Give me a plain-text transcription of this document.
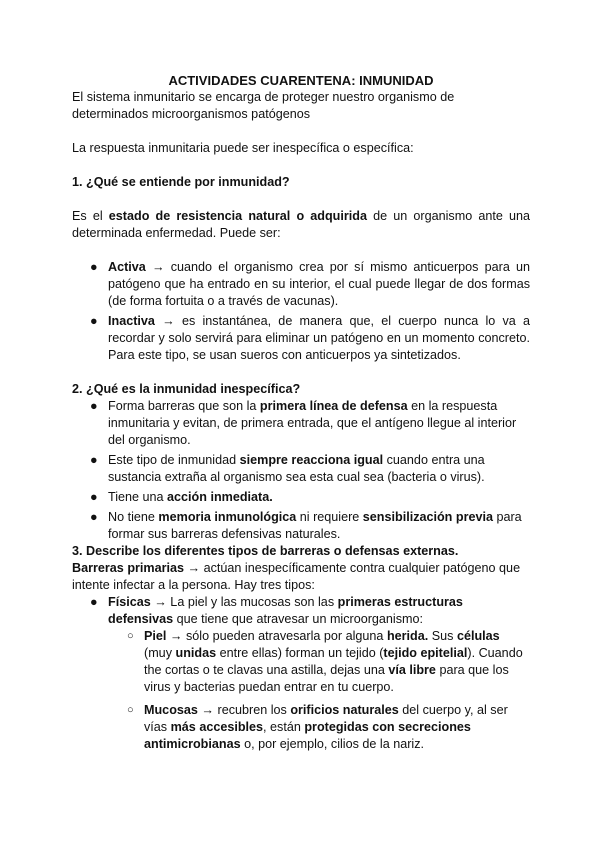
ACTIVIDADES CUARENTENA: INMUNIDAD

El sistema inmunitario se encarga de proteger nuestro organismo de determinados microorganismos patógenos

La respuesta inmunitaria puede ser inespecífica o específica:

1. ¿Qué se entiende por inmunidad?

Es el estado de resistencia natural o adquirida de un organismo ante una determinada enfermedad. Puede ser:

● Activa → cuando el organismo crea por sí mismo anticuerpos para un patógeno que ha entrado en su interior, el cual puede llegar de dos formas (de forma fortuita o a través de vacunas).
● Inactiva → es instantánea, de manera que, el cuerpo nunca lo va a recordar y solo servirá para eliminar un patógeno en un momento concreto. Para este tipo, se usan sueros con anticuerpos ya sintetizados.

2. ¿Qué es la inmunidad inespecífica?

● Forma barreras que son la primera línea de defensa en la respuesta inmunitaria y evitan, de primera entrada, que el antígeno llegue al interior del organismo.
● Este tipo de inmunidad siempre reacciona igual cuando entra una sustancia extraña al organismo sea esta cual sea (bacteria o virus).
● Tiene una acción inmediata.
● No tiene memoria inmunológica ni requiere sensibilización previa para formar sus barreras defensivas naturales.

3. Describe los diferentes tipos de barreras o defensas externas.

Barreras primarias → actúan inespecíficamente contra cualquier patógeno que intente infectar a la persona. Hay tres tipos:

● Físicas → La piel y las mucosas son las primeras estructuras defensivas que tiene que atravesar un microorganismo:
○ Piel → sólo pueden atravesarla por alguna herida. Sus células (muy unidas entre ellas) forman un tejido (tejido epitelial). Cuando the cortas o te clavas una astilla, dejas una vía libre para que los virus y bacterias puedan entrar en tu cuerpo.
○ Mucosas → recubren los orificios naturales del cuerpo y, al ser vías más accesibles, están protegidas con secreciones antimicrobianas o, por ejemplo, cilios de la nariz.
